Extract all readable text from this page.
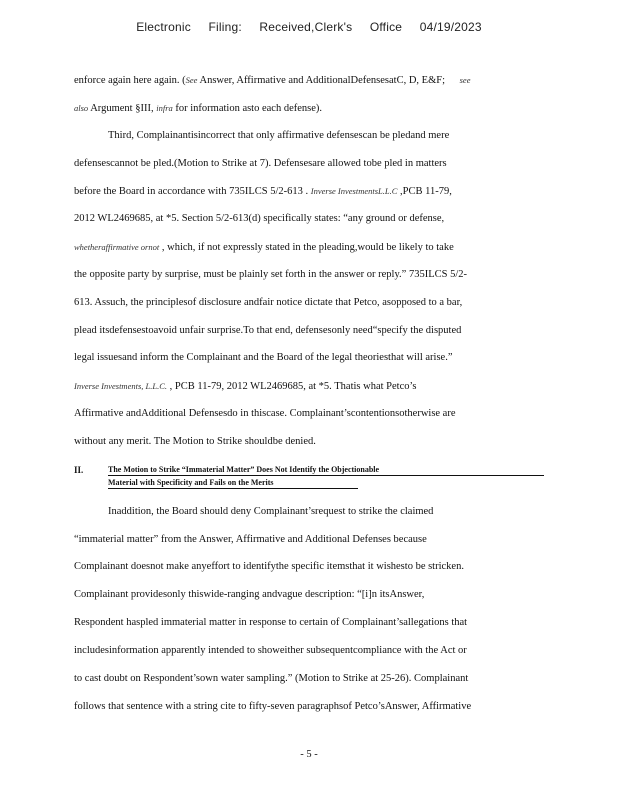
Electronic Filing: Received,Clerk's Office 04/19/2023
enforce again here again. (See Answer, Affirmative and AdditionalDefensesatC, D, E&F; see
also Argument §III, infra for information asto each defense).
Third, Complainantisincorrect that only affirmative defensescan be pledand mere
defensescannot be pled.(Motion to Strike at 7). Defensesare allowed tobe pled in matters
before the Board in accordance with 735ILCS 5/2-613 . Inverse InvestmentsL.L.C ,PCB 11-79,
2012 WL2469685, at *5. Section 5/2-613(d) specifically states: “any ground or defense,
whetheraffirmative ornot , which, if not expressly stated in the pleading,would be likely to take
the opposite party by surprise, must be plainly set forth in the answer or reply.” 735ILCS 5/2-
613. Assuch, the principlesof disclosure andfair notice dictate that Petco, asopposed to a bar,
plead itsdefensestoavoid unfair surprise.To that end, defensesonly need“specify the disputed
legal issuesand inform the Complainant and the Board of the legal theoriesthat will arise.”
Inverse Investments, L.L.C. , PCB 11-79, 2012 WL2469685, at *5. Thatis what Petco’s
Affirmative andAdditional Defensesdo in thiscase. Complainant’scontentionsotherwise are
without any merit. The Motion to Strike shouldbe denied.
II.	The Motion to Strike “Immaterial Matter” Does Not Identify the Objectionable
Material with Specificity and Fails on the Merits
Inaddition, the Board should deny Complainant’srequest to strike the claimed
“immaterial matter” from the Answer, Affirmative and Additional Defenses because
Complainant doesnot make anyeffort to identifythe specific itemsthat it wishesto be stricken.
Complainant providesonly thiswide-ranging andvague description: “[i]n itsAnswer,
Respondent haspled immaterial matter in response to certain of Complainant’sallegations that
includesinformation apparently intended to showeither subsequentcompliance with the Act or
to cast doubt on Respondent’sown water sampling.” (Motion to Strike at 25-26). Complainant
follows that sentence with a string cite to fifty-seven paragraphsof Petco’sAnswer, Affirmative
- 5 -
